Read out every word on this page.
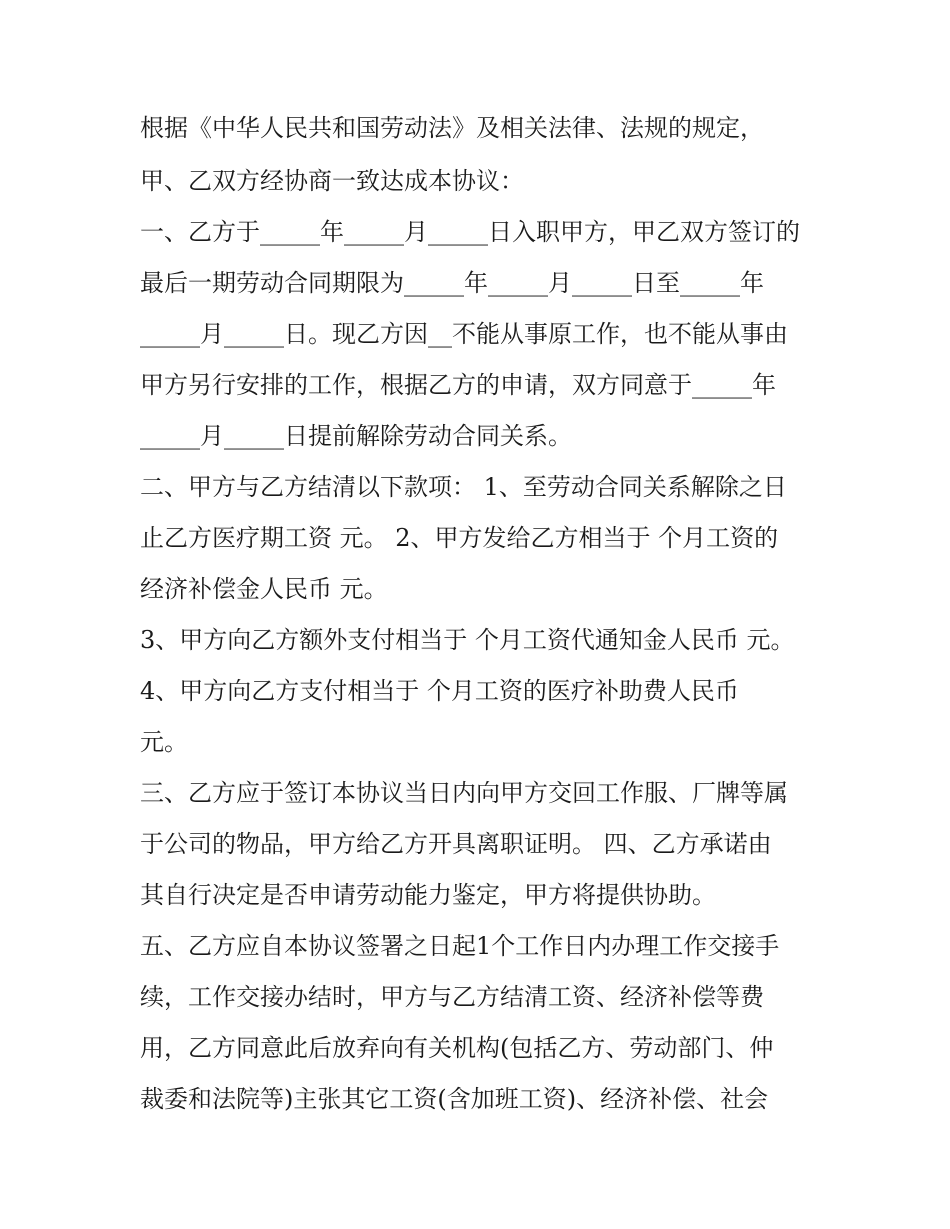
根据《中华人民共和国劳动法》及相关法律、法规的规定，
甲、乙双方经协商一致达成本协议：
一、乙方于_____年_____月_____日入职甲方，甲乙双方签订的
最后一期劳动合同期限为_____年_____月_____日至_____年
_____月_____日。现乙方因__不能从事原工作，也不能从事由
甲方另行安排的工作，根据乙方的申请，双方同意于_____年
_____月_____日提前解除劳动合同关系。
二、甲方与乙方结清以下款项： 1、至劳动合同关系解除之日
止乙方医疗期工资 元。 2、甲方发给乙方相当于 个月工资的
经济补偿金人民币 元。
3、甲方向乙方额外支付相当于 个月工资代通知金人民币 元。
4、甲方向乙方支付相当于 个月工资的医疗补助费人民币
元。
三、乙方应于签订本协议当日内向甲方交回工作服、厂牌等属
于公司的物品，甲方给乙方开具离职证明。 四、乙方承诺由
其自行决定是否申请劳动能力鉴定，甲方将提供协助。
五、乙方应自本协议签署之日起1个工作日内办理工作交接手
续，工作交接办结时，甲方与乙方结清工资、经济补偿等费
用，乙方同意此后放弃向有关机构(包括乙方、劳动部门、仲
裁委和法院等)主张其它工资(含加班工资)、经济补偿、社会
